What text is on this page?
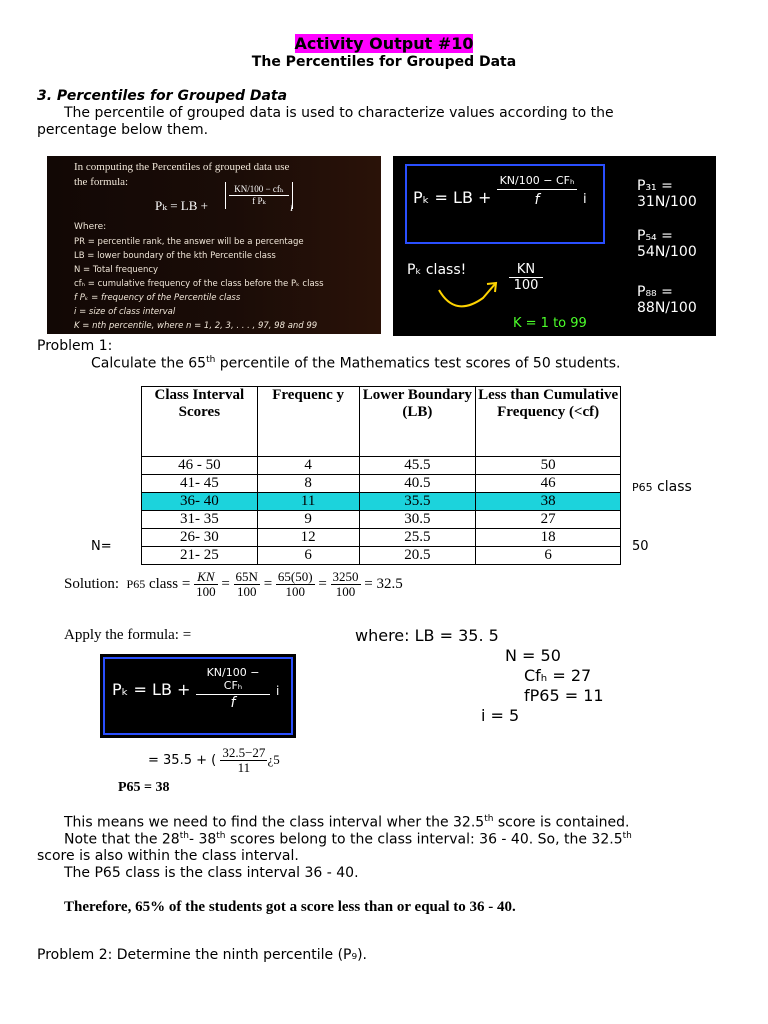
Activity Output #10
The Percentiles for Grouped Data
3. Percentiles for Grouped Data
The percentile of grouped data is used to characterize values according to the
percentage below them.
In computing the Percentiles of grouped data use
the formula:
Pₖ = LB +
KN/100 − cfₕ
f Pₖ	i
Where:
PR = percentile rank, the answer will be a percentage
LB = lower boundary of the kth Percentile class
N = Total frequency
cfₕ = cumulative frequency of the class before the Pₖ class
f Pₖ = frequency of the Percentile class
i = size of class interval
K = nth percentile, where n = 1, 2, 3, . . . , 97, 98 and 99
Pₖ = LB +
KN/100 − CFₕ
f	i
Pₖ class!	$\frac{KN}{100}$
K = 1 to 99
P₃₁ = 31N/100
P₅₄ = 54N/100
P₈₈ = 88N/100
Problem 1:
Calculate the 65th percentile of the Mathematics test scores of 50 students.
Class Interval Scores	Frequenc y	Lower Boundary (LB)	Less than Cumulative Frequency (<cf)
46 - 50	4	45.5	50
41- 45	8	40.5	46
36- 40	11	35.5	38
31- 35	9	30.5	27
26- 30	12	25.5	18
21- 25	6	20.5	6
P65 class
N=	50
Solution: P65 class = $\frac{KN}{100} = \frac{65N}{100} = \frac{65(50)}{100} = \frac{3250}{100} = 32.5$
Apply the formula: =	where: LB = 35. 5
N = 50
Cfₕ = 27
fP65 = 11
i = 5
Pₖ = LB +
KN/100 − CFₕ
f
i
= 35.5 + ( $\frac{32.5-27}{11}$ ¿5
P65 = 38
This means we need to find the class interval wher the 32.5th score is contained.
Note that the 28th- 38th scores belong to the class interval: 36 - 40. So, the 32.5th
score is also within the class interval.
The P65 class is the class interval 36 - 40.
Therefore, 65% of the students got a score less than or equal to 36 - 40.
Problem 2: Determine the ninth percentile (P₉).
